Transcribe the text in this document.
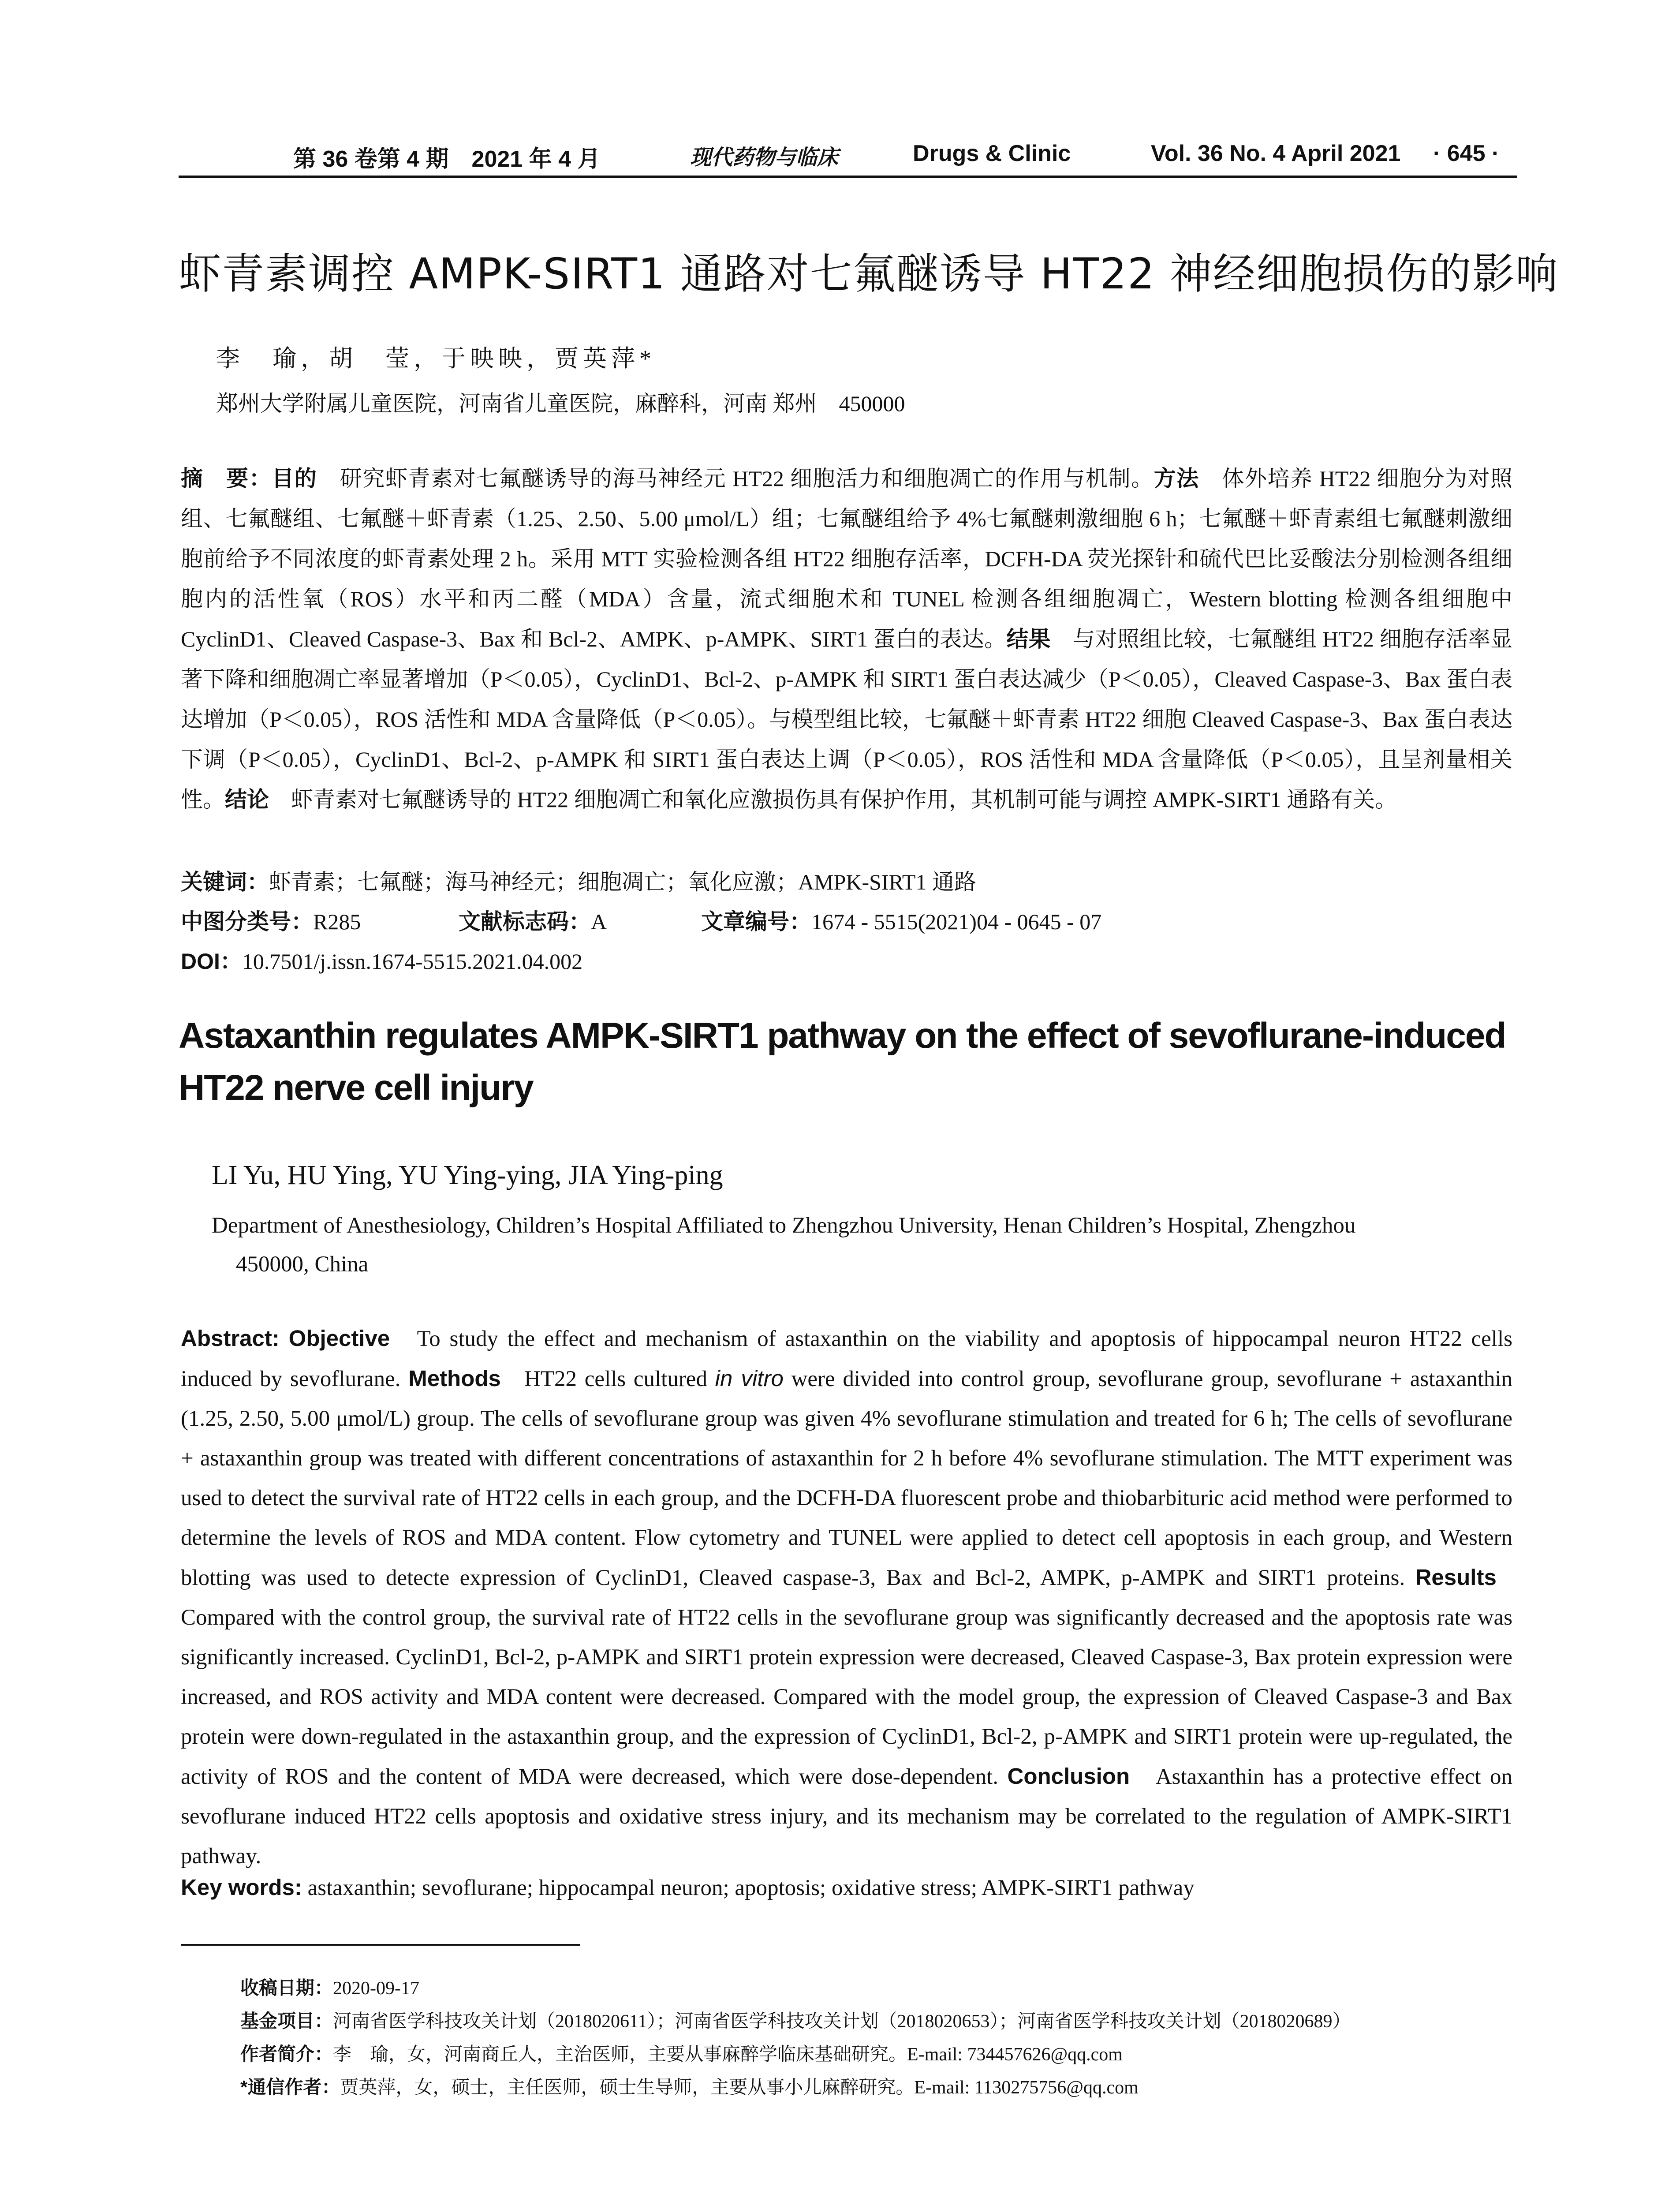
第 36 卷第 4 期　2021 年 4 月	现代药物与临床	Drugs & Clinic	Vol. 36 No. 4 April 2021 · 645 ·
虾青素调控 AMPK-SIRT1 通路对七氟醚诱导 HT22 神经细胞损伤的影响
李　瑜，胡　莹，于映映，贾英萍*
郑州大学附属儿童医院，河南省儿童医院，麻醉科，河南 郑州　450000
摘　要：目的　研究虾青素对七氟醚诱导的海马神经元 HT22 细胞活力和细胞凋亡的作用与机制。方法　体外培养 HT22 细胞分为对照组、七氟醚组、七氟醚＋虾青素（1.25、2.50、5.00 μmol/L）组；七氟醚组给予 4%七氟醚刺激细胞 6 h；七氟醚＋虾青素组七氟醚刺激细胞前给予不同浓度的虾青素处理 2 h。采用 MTT 实验检测各组 HT22 细胞存活率，DCFH-DA 荧光探针和硫代巴比妥酸法分别检测各组细胞内的活性氧（ROS）水平和丙二醛（MDA）含量，流式细胞术和 TUNEL 检测各组细胞凋亡，Western blotting 检测各组细胞中 CyclinD1、Cleaved Caspase-3、Bax 和 Bcl-2、AMPK、p-AMPK、SIRT1 蛋白的表达。结果　与对照组比较，七氟醚组 HT22 细胞存活率显著下降和细胞凋亡率显著增加（P＜0.05），CyclinD1、Bcl-2、p-AMPK 和 SIRT1 蛋白表达减少（P＜0.05），Cleaved Caspase-3、Bax 蛋白表达增加（P＜0.05），ROS 活性和 MDA 含量降低（P＜0.05）。与模型组比较，七氟醚＋虾青素 HT22 细胞 Cleaved Caspase-3、Bax 蛋白表达下调（P＜0.05），CyclinD1、Bcl-2、p-AMPK 和 SIRT1 蛋白表达上调（P＜0.05），ROS 活性和 MDA 含量降低（P＜0.05），且呈剂量相关性。结论　虾青素对七氟醚诱导的 HT22 细胞凋亡和氧化应激损伤具有保护作用，其机制可能与调控 AMPK-SIRT1 通路有关。
关键词：虾青素；七氟醚；海马神经元；细胞凋亡；氧化应激；AMPK-SIRT1 通路
中图分类号：R285	文献标志码：A	文章编号：1674 - 5515(2021)04 - 0645 - 07
DOI：10.7501/j.issn.1674-5515.2021.04.002
Astaxanthin regulates AMPK-SIRT1 pathway on the effect of sevoflurane-induced
HT22 nerve cell injury
LI Yu, HU Ying, YU Ying-ying, JIA Ying-ping
Department of Anesthesiology, Children’s Hospital Affiliated to Zhengzhou University, Henan Children’s Hospital, Zhengzhou
450000, China
Abstract: Objective To study the effect and mechanism of astaxanthin on the viability and apoptosis of hippocampal neuron HT22 cells induced by sevoflurane. Methods HT22 cells cultured in vitro were divided into control group, sevoflurane group, sevoflurane + astaxanthin (1.25, 2.50, 5.00 μmol/L) group. The cells of sevoflurane group was given 4% sevoflurane stimulation and treated for 6 h; The cells of sevoflurane + astaxanthin group was treated with different concentrations of astaxanthin for 2 h before 4% sevoflurane stimulation. The MTT experiment was used to detect the survival rate of HT22 cells in each group, and the DCFH-DA fluorescent probe and thiobarbituric acid method were performed to determine the levels of ROS and MDA content. Flow cytometry and TUNEL were applied to detect cell apoptosis in each group, and Western blotting was used to detecte expression of CyclinD1, Cleaved caspase-3, Bax and Bcl-2, AMPK, p-AMPK and SIRT1 proteins. Results   Compared with the control group, the survival rate of HT22 cells in the sevoflurane group was significantly decreased and the apoptosis rate was significantly increased. CyclinD1, Bcl-2, p-AMPK and SIRT1 protein expression were decreased, Cleaved Caspase-3, Bax protein expression were increased, and ROS activity and MDA content were decreased. Compared with the model group, the expression of Cleaved Caspase-3 and Bax protein were down-regulated in the astaxanthin group, and the expression of CyclinD1, Bcl-2, p-AMPK and SIRT1 protein were up-regulated, the activity of ROS and the content of MDA were decreased, which were dose-dependent. Conclusion Astaxanthin has a protective effect on sevoflurane induced HT22 cells apoptosis and oxidative stress injury, and its mechanism may be correlated to the regulation of AMPK-SIRT1 pathway.
Key words: astaxanthin; sevoflurane; hippocampal neuron; apoptosis; oxidative stress; AMPK-SIRT1 pathway
收稿日期：2020-09-17
基金项目：河南省医学科技攻关计划（2018020611）；河南省医学科技攻关计划（2018020653）；河南省医学科技攻关计划（2018020689）
作者简介：李　瑜，女，河南商丘人，主治医师，主要从事麻醉学临床基础研究。E-mail: 734457626@qq.com
*通信作者：贾英萍，女，硕士，主任医师，硕士生导师，主要从事小儿麻醉研究。E-mail: 1130275756@qq.com
